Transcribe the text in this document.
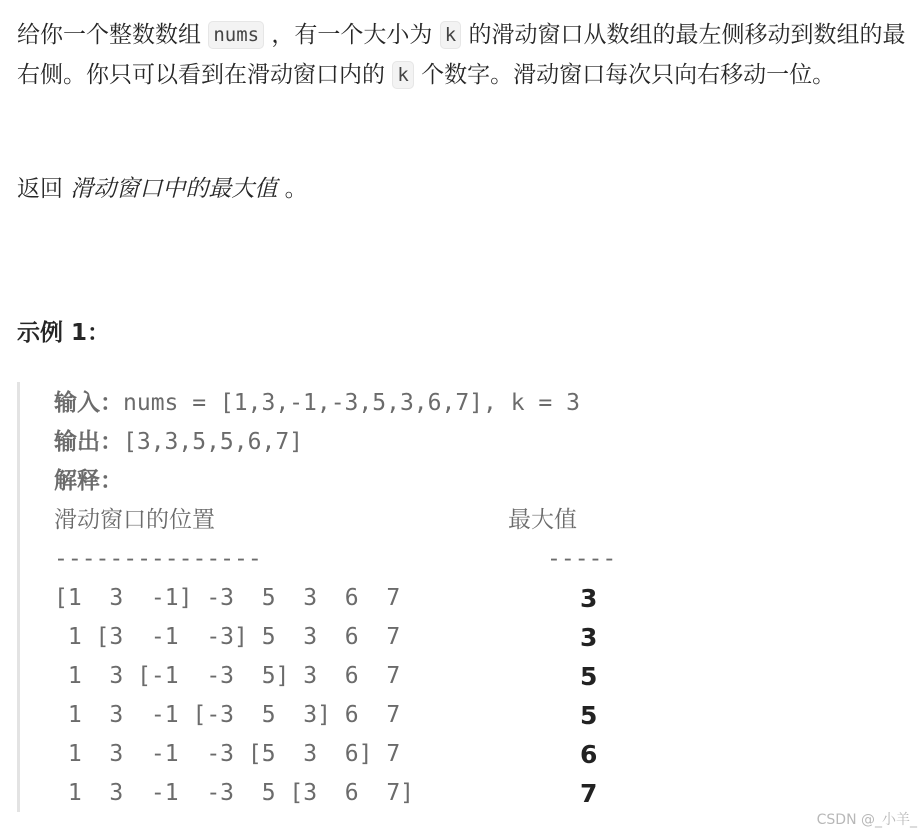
给你一个整数数组 nums ，有一个大小为 k 的滑动窗口从数组的最左侧移动到数组的最右侧。你只可以看到在滑动窗口内的 k 个数字。滑动窗口每次只向右移动一位。
返回 滑动窗口中的最大值 。
示例 1：
输入：nums = [1,3,-1,-3,5,3,6,7], k = 3
输出：[3,3,5,5,6,7]
解释：
滑动窗口的位置	最大值
---------------	-----
[1  3  -1] -3  5  3  6  7	3
1 [3  -1  -3] 5  3  6  7	3
1  3 [-1  -3  5] 3  6  7	5
1  3  -1 [-3  5  3] 6  7	5
1  3  -1  -3 [5  3  6] 7	6
1  3  -1  -3  5 [3  6  7]	7
CSDN @_小羊_
